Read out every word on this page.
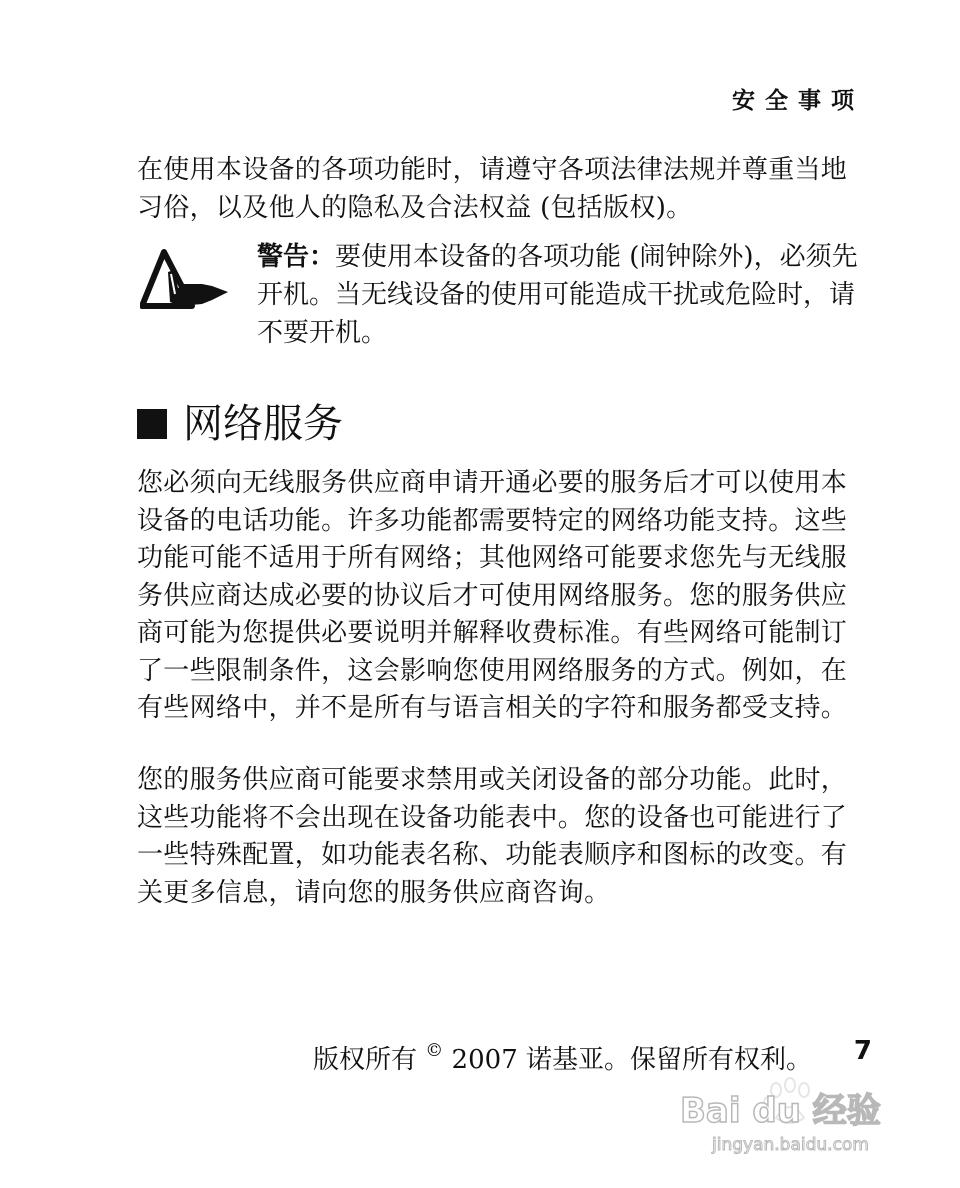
安全事项

在使用本设备的各项功能时，请遵守各项法律法规并尊重当地习俗，以及他人的隐私及合法权益 (包括版权)。

警告：要使用本设备的各项功能 (闹钟除外)，必须先开机。当无线设备的使用可能造成干扰或危险时，请不要开机。

网络服务

您必须向无线服务供应商申请开通必要的服务后才可以使用本设备的电话功能。许多功能都需要特定的网络功能支持。这些功能可能不适用于所有网络；其他网络可能要求您先与无线服务供应商达成必要的协议后才可使用网络服务。您的服务供应商可能为您提供必要说明并解释收费标准。有些网络可能制订了一些限制条件，这会影响您使用网络服务的方式。例如，在有些网络中，并不是所有与语言相关的字符和服务都受支持。

您的服务供应商可能要求禁用或关闭设备的部分功能。此时，这些功能将不会出现在设备功能表中。您的设备也可能进行了一些特殊配置，如功能表名称、功能表顺序和图标的改变。有关更多信息，请向您的服务供应商咨询。

版权所有 © 2007 诺基亚。保留所有权利。 7
Bai du 经验
jingyan.baidu.com
